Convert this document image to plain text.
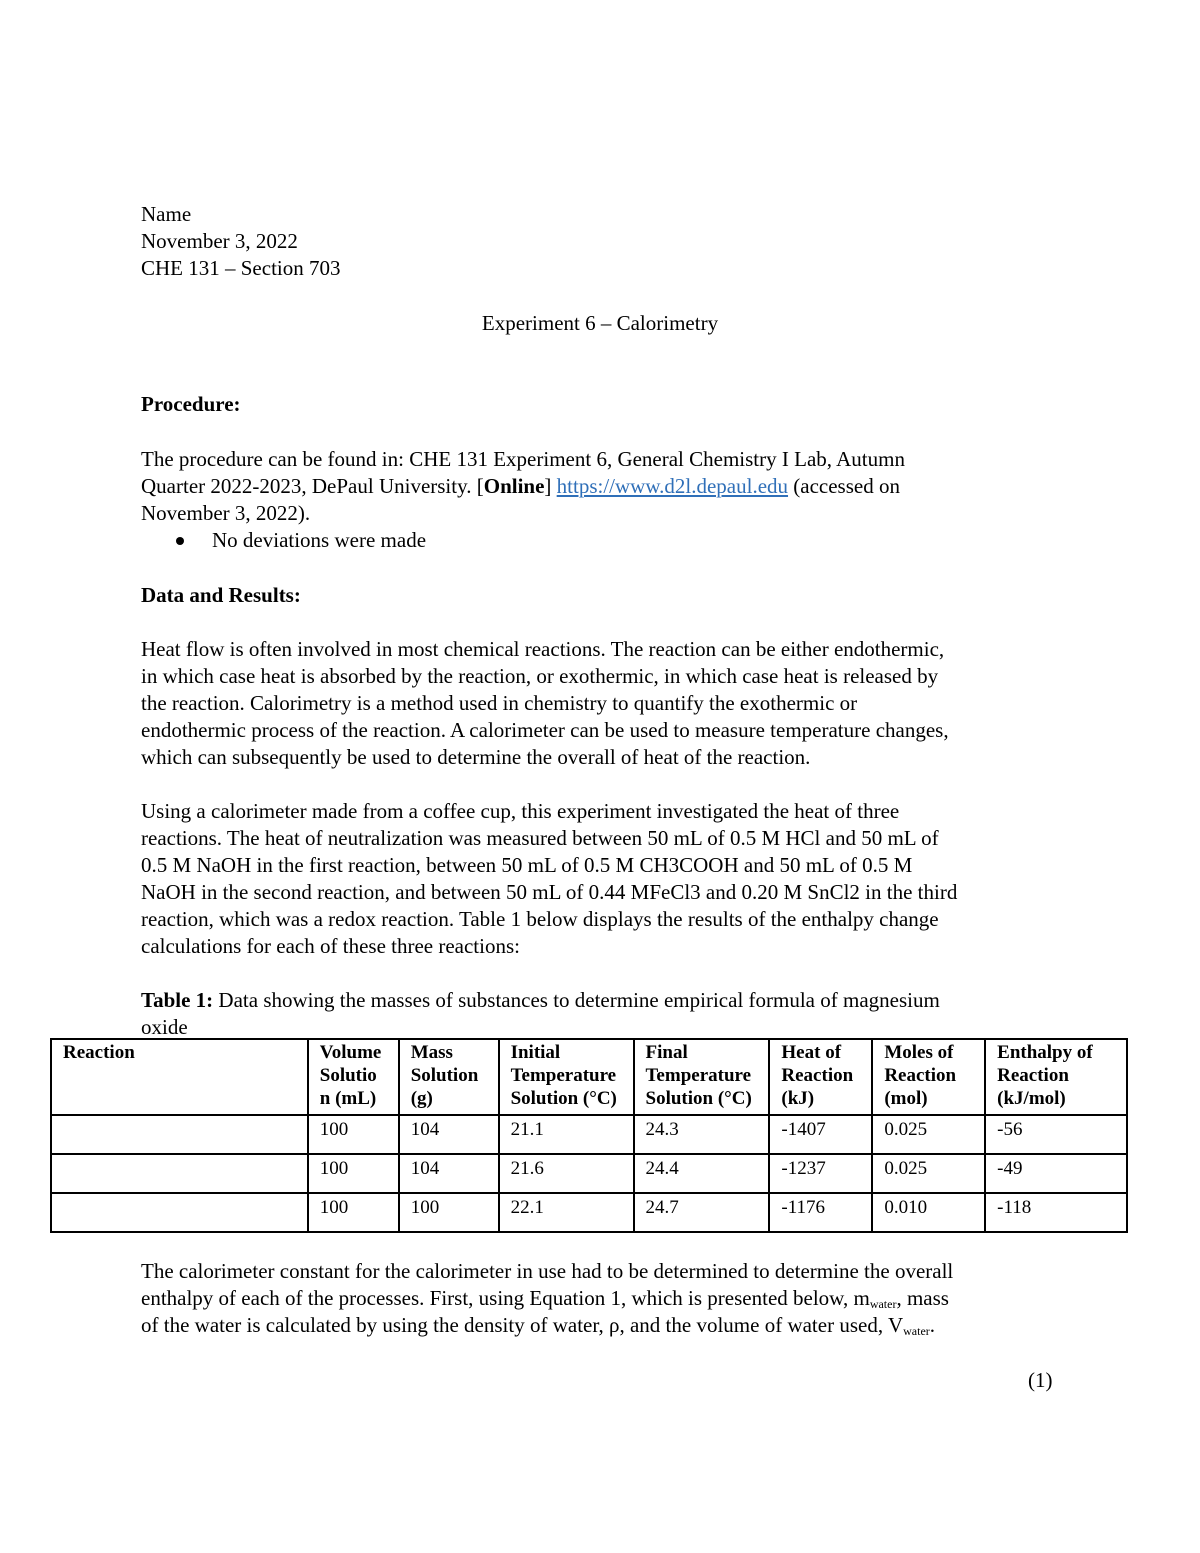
Name
November 3, 2022
CHE 131 – Section 703
Experiment 6 – Calorimetry
Procedure:
The procedure can be found in: CHE 131 Experiment 6, General Chemistry I Lab, Autumn
Quarter 2022-2023, DePaul University. [Online] https://www.d2l.depaul.edu (accessed on
November 3, 2022).
No deviations were made
Data and Results:
Heat flow is often involved in most chemical reactions. The reaction can be either endothermic,
in which case heat is absorbed by the reaction, or exothermic, in which case heat is released by
the reaction. Calorimetry is a method used in chemistry to quantify the exothermic or
endothermic process of the reaction. A calorimeter can be used to measure temperature changes,
which can subsequently be used to determine the overall of heat of the reaction.
Using a calorimeter made from a coffee cup, this experiment investigated the heat of three
reactions. The heat of neutralization was measured between 50 mL of 0.5 M HCl and 50 mL of
0.5 M NaOH in the first reaction, between 50 mL of 0.5 M CH3COOH and 50 mL of 0.5 M
NaOH in the second reaction, and between 50 mL of 0.44 MFeCl3 and 0.20 M SnCl2 in the third
reaction, which was a redox reaction. Table 1 below displays the results of the enthalpy change
calculations for each of these three reactions:
Table 1: Data showing the masses of substances to determine empirical formula of magnesium
oxide
Reaction	Volume
Solutio
n (mL)	Mass
Solution
(g)	Initial
Temperature
Solution (°C)	Final
Temperature
Solution (°C)	Heat of
Reaction
(kJ)	Moles of
Reaction
(mol)	Enthalpy of
Reaction
(kJ/mol)

	100	104	21.1	24.3	-1407	0.025	-56
	100	104	21.6	24.4	-1237	0.025	-49
	100	100	22.1	24.7	-1176	0.010	-118
The calorimeter constant for the calorimeter in use had to be determined to determine the overall
enthalpy of each of the processes. First, using Equation 1, which is presented below, $m_{water}$, mass
of the water is calculated by using the density of water, ρ, and the volume of water used, $V_{water}$.
(1)
